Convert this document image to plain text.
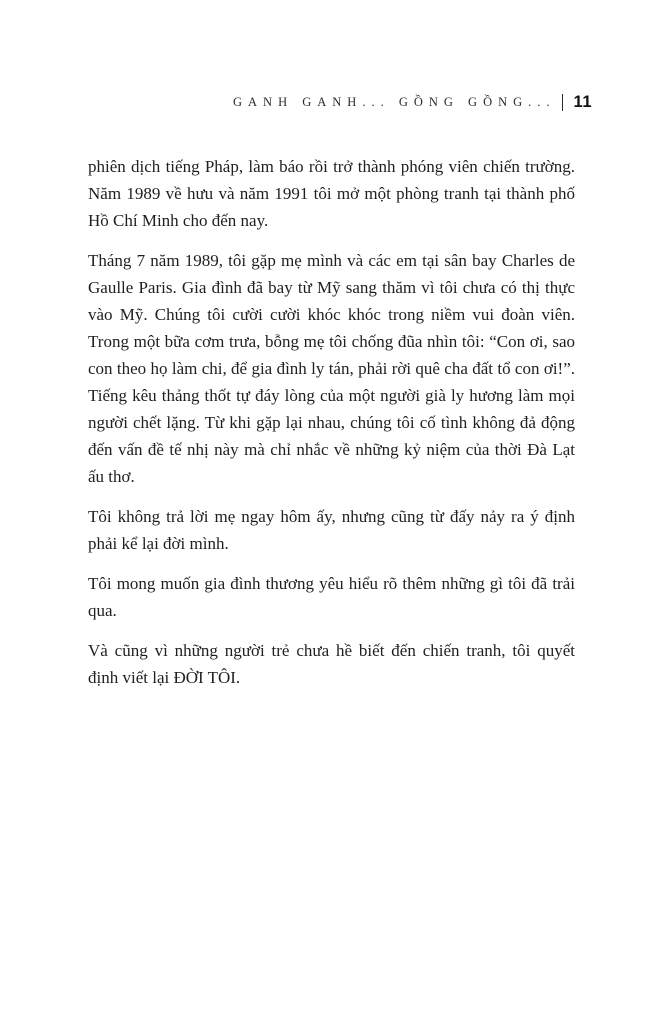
GANH GANH... GỒNG GỒNG... 11

phiên dịch tiếng Pháp, làm báo rồi trở thành phóng viên chiến trường. Năm 1989 về hưu và năm 1991 tôi mở một phòng tranh tại thành phố Hồ Chí Minh cho đến nay.

Tháng 7 năm 1989, tôi gặp mẹ mình và các em tại sân bay Charles de Gaulle Paris. Gia đình đã bay từ Mỹ sang thăm vì tôi chưa có thị thực vào Mỹ. Chúng tôi cười cười khóc khóc trong niềm vui đoàn viên. Trong một bữa cơm trưa, bỗng mẹ tôi chống đũa nhìn tôi: “Con ơi, sao con theo họ làm chi, để gia đình ly tán, phải rời quê cha đất tổ con ơi!”. Tiếng kêu thảng thốt tự đáy lòng của một người già ly hương làm mọi người chết lặng. Từ khi gặp lại nhau, chúng tôi cố tình không đả động đến vấn đề tế nhị này mà chỉ nhắc về những kỷ niệm của thời Đà Lạt ấu thơ.

Tôi không trả lời mẹ ngay hôm ấy, nhưng cũng từ đấy nảy ra ý định phải kể lại đời mình.

Tôi mong muốn gia đình thương yêu hiểu rõ thêm những gì tôi đã trải qua.

Và cũng vì những người trẻ chưa hề biết đến chiến tranh, tôi quyết định viết lại ĐỜI TÔI.
